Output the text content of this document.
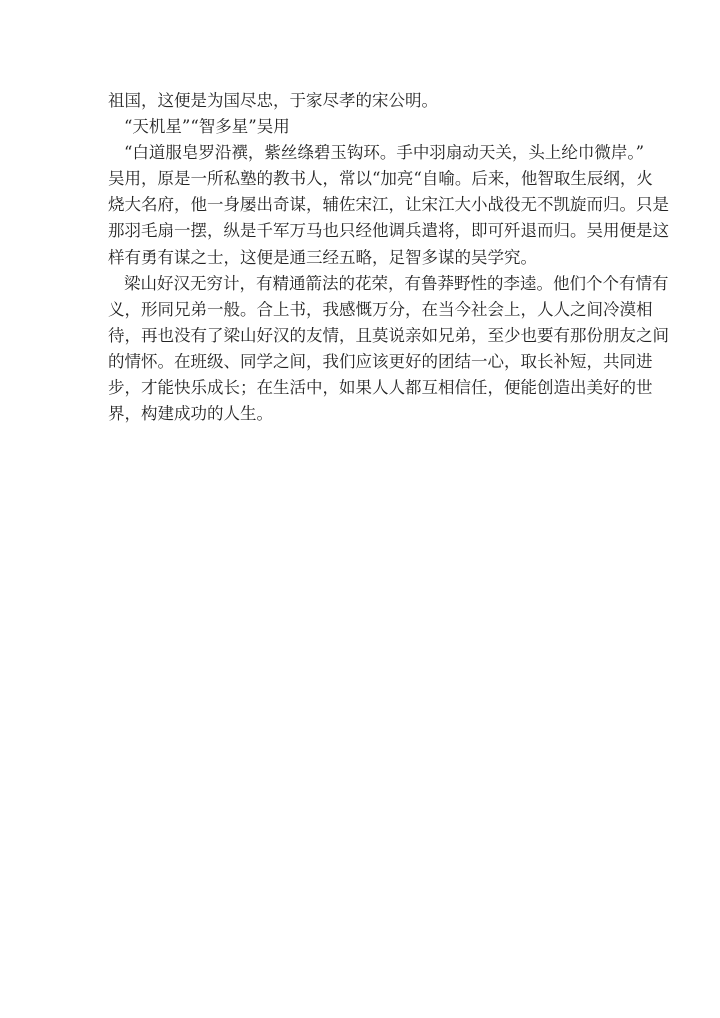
祖国，这便是为国尽忠，于家尽孝的宋公明。
“天机星”“智多星”吴用
“白道服皂罗沿襈，紫丝绦碧玉钩环。手中羽扇动天关，头上纶巾微岸。”
吴用，原是一所私塾的教书人，常以“加亮“自喻。后来，他智取生辰纲，火
烧大名府，他一身屡出奇谋，辅佐宋江，让宋江大小战役无不凯旋而归。只是
那羽毛扇一摆，纵是千军万马也只经他调兵遣将，即可歼退而归。吴用便是这
样有勇有谋之士，这便是通三经五略，足智多谋的吴学究。
梁山好汉无穷计，有精通箭法的花荣，有鲁莽野性的李逵。他们个个有情有
义，形同兄弟一般。合上书，我感慨万分，在当今社会上，人人之间冷漠相
待，再也没有了梁山好汉的友情，且莫说亲如兄弟，至少也要有那份朋友之间
的情怀。在班级、同学之间，我们应该更好的团结一心，取长补短，共同进
步，才能快乐成长；在生活中，如果人人都互相信任，便能创造出美好的世
界，构建成功的人生。
